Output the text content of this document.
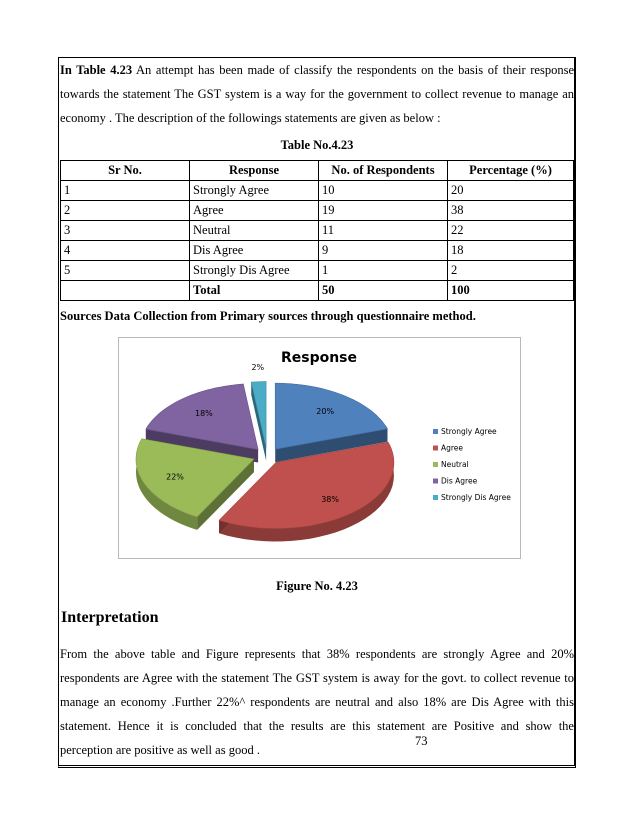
In Table 4.23 An attempt has been made of classify the respondents on the basis of their response towards the statement The GST system is a way for the government to collect revenue to manage an economy . The description of the followings statements are given as below :

Table No.4.23
Sr No.	Response	No. of Respondents	Percentage (%)
1	Strongly Agree	10	20
2	Agree	19	38
3	Neutral	11	22
4	Dis Agree	9	18
5	Strongly Dis Agree	1	2
	Total	50	100
Sources Data Collection from Primary sources through questionnaire method.
Response
20%
38%
22%
18%
2%
Strongly Agree
Agree
Neutral
Dis Agree
Strongly Dis Agree
Figure No. 4.23
Interpretation

From the above table and Figure represents that 38% respondents are strongly Agree and 20% respondents are Agree with the statement The GST system is away for the govt. to collect revenue to manage an economy .Further 22%^ respondents are neutral and also 18% are Dis Agree with this statement. Hence it is concluded that the results are this statement are Positive and show the perception are positive as well as good .

73
